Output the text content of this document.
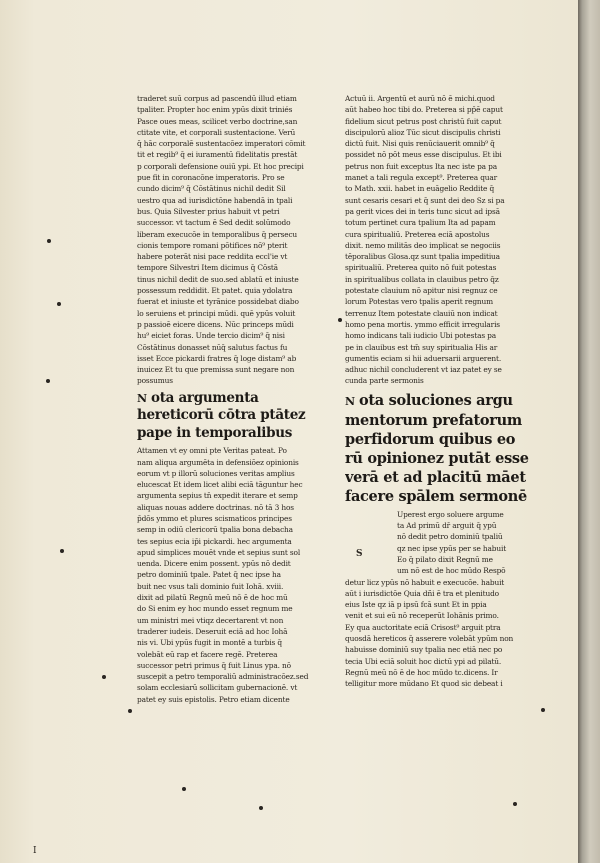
traderet suū corpus ad pascendū illud etiam
tpaliter. Propter hoc enim ypūs dixit triniés
Pasce oues meas, scilicet verbo doctrine,san
ctitate vite, et corporali sustentacione. Verū
q̄ hāc corporalē sustentacōez imperatori cōmit
tit et regib⁹ q̄ ei iuramentū fidelitatis prestāt
p corporali defensione ouiū ypi. Et hoc precipi
pue fit in coronacōne imperatoris. Pro se
cundo dicim⁹ q̄ Cōstātinus nichil dedit Sil
uestro qua ad iurisdictōne habendā in tpali
bus. Quia Silvester prius habuit vt petri
successor. vt tactum ē Sed dedit solūmodo
liberam execucōe in temporalibus q̄ persecu
cionis tempore romani pōtifices nō⁹ pterit
habere poterāt nisi pace reddita eccl'ie vt
tempore Silvestri Item dicimus q̄ Cōstā
tinus nichil dedit de suo.sed ablatū et iniuste
possessum reddidit. Et patet. quia ydolatra
fuerat et iniuste et tyrānice possidebat diabo
lo seruiens et principi mūdi. quē ypūs voluit
p passioē eicere dicens. Nūc princeps mūdi
hu⁹ eiciet foras. Unde tercio dicim⁹ q̄ nisi
Cōstātinus donasset nūq̄ salutus factus fu
isset Ecce pickardi fratres q̄ loge distam⁹ ab
inuicez Et tu que premissa sunt negare non
possumus
N ota argumenta
hereticorū cōtra ptātez
pape in temporalibus
Attamen vt ey omni pte Veritas pateat. Po
nam aliqua argumēta in defensiōez opinionis
eorum vt p illorū soluciones veritas amplius
elucescat Et idem licet alibi eciā tāguntur hec
argumenta sepius tn̄ expedit iterare et semp
aliquas nouas addere doctrinas. nō tā 3 hos
p̄dōs ymmo et plures scismaticos principes
semp in odiū clericorū tpalia bona debacha
tes sepius ecia ip̄i pickardi. hec argumenta
apud simplices mouēt vnde et sepius sunt sol
uenda. Dicere enim possent. ypūs nō dedit
petro dominiū tpale. Patet q̄ nec ipse ha
buit nec vsus tali dominio fuit Iohā. xviii.
dixit ad pilatū Regnū meū nō ē de hoc mū
do Si enim ey hoc mundo esset regnum me
um ministri mei vtiqz decertarent vt non
traderer iudeis. Deseruit eciā ad hoc Iohā
nis vi. Ubi ypūs fugit in montē a turbis q̄
volebāt eū rap et facere regē. Preterea
successor petri primus q̄ fuit Linus ypa. nō
suscepit a petro temporaliū administracōez.sed
solam ecclesiarū sollicitam gubernacionē. vt
patet ey suis epistolis. Petro etiam dicente
Actuū ii. Argentū et aurū nō ē michi.quod
aūt habeo hoc tibi do. Preterea si pp̄ē caput
fidelium sicut petrus post christū fuit caput
discipulorū alioz Tūc sicut discipulis christi
dictū fuit. Nisi quis renūciauerit omnib⁹ q̄
possidet nō pōt meus esse discipulus. Et ibi
petrus non fuit exceptus Ita nec iste pa pa
manet a tali regula except⁹. Preterea quar
to Math. xxii. habet in euāgelio Reddite q̄
sunt cesaris cesari et q̄ sunt dei deo Sz si pa
pa gerit vices dei in teris tunc sicut ad ipsā
totum pertinet cura tpalium Ita ad papam
cura spiritualiū. Preterea eciā apostolus
dixit. nemo militās deo implicat se negociis
tēporalibus Glosa.qz sunt tpalia impeditiua
spiritualiū. Preterea quito nō fuit potestas
in spiritualibus collata in clauibus petro q̄z
potestate clauium nō apitur nisi regnuz ce
lorum Potestas vero tpalis aperit regnum
terrenuz Item potestate clauiū non indicat
homo pena mortis. ymmo efficit irregularis
homo indicans tali iudicio Ubi potestas pa
pe in clauibus est tm̄ suy spiritualia His ar
gumentis eciam si hii aduersarii arguerent.
adhuc nichil concluderent vt iaz patet ey se
cunda parte sermonis
N ota soluciones argu
mentorum prefatorum
perfidorum quibus eo
rū opinionez putāt esse
verā et ad placitū māet
facere spālem sermonē
Uperest ergo soluere argume
ta Ad primū dr̄ arguit q̄ ypū
nō dedit petro dominiū tpaliū
qz nec ipse ypūs per se habuit
Eo q̄ pilato dixit Regnū me
um nō est de hoc mūdo Respō
detur licz ypūs nō habuit e execucōe. habuit
aūt i iurisdictōe Quia dñi ē tra et plenitudo
eius Iste qz iā p ipsū fcā sunt Et in ppia
venit et sui eū nō receperūt Iohānis primo.
Ey qua auctoritate eciā Crisost⁹ arguit ptra
quosdā hereticos q̄ asserere volebāt ypūm non
habuisse dominiū suy tpalia nec etiā nec po
tecia Ubi eciā soluit hoc dictū ypi ad pilatū.
Regnū meū nō ē de hoc mūdo tc.dicens. Ir
telligitur more mūdano Et quod sic debeat i
S
I
